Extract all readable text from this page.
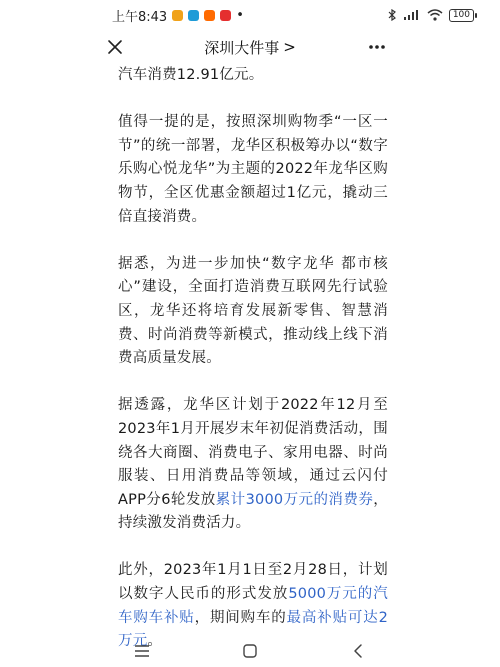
上午8:43	•	100
深圳大件事 >

汽车消费12.91亿元。

值得一提的是，按照深圳购物季“一区一节”的统一部署，龙华区积极筹办以“数字乐购心悦龙华”为主题的2022年龙华区购物节，全区优惠金额超过1亿元，撬动三倍直接消费。

据悉，为进一步加快“数字龙华 都市核心”建设，全面打造消费互联网先行试验区，龙华还将培育发展新零售、智慧消费、时尚消费等新模式，推动线上线下消费高质量发展。

据透露，龙华区计划于2022年12月至2023年1月开展岁末年初促消费活动，围绕各大商圈、消费电子、家用电器、时尚服装、日用消费品等领域，通过云闪付APP分6轮发放累计3000万元的消费券，持续激发消费活力。

此外，2023年1月1日至2月28日，计划以数字人民币的形式发放5000万元的汽车购车补贴，期间购车的最高补贴可达2万元。
